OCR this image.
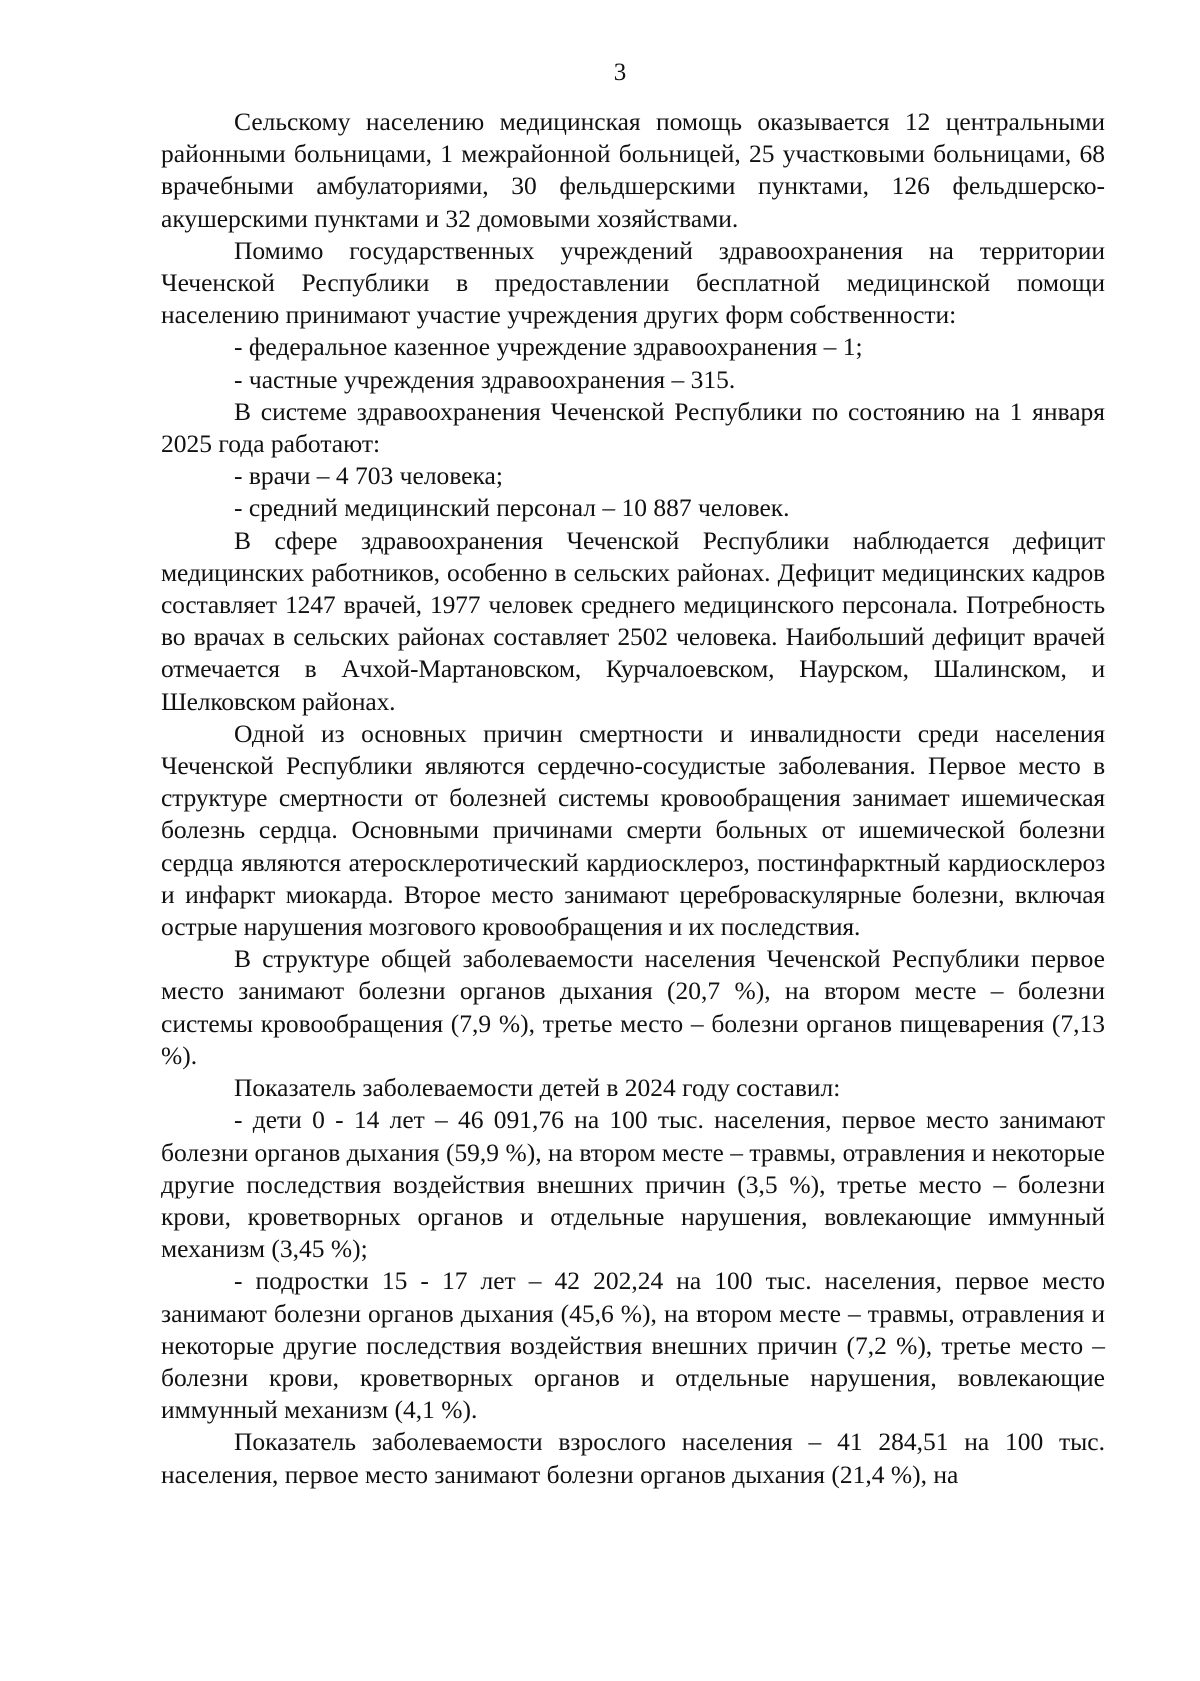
3

Сельскому населению медицинская помощь оказывается 12 центральными районными больницами, 1 межрайонной больницей, 25 участковыми больницами, 68 врачебными амбулаториями, 30 фельдшерскими пунктами, 126 фельдшерско-акушерскими пунктами и 32 домовыми хозяйствами.

Помимо государственных учреждений здравоохранения на территории Чеченской Республики в предоставлении бесплатной медицинской помощи населению принимают участие учреждения других форм собственности:

- федеральное казенное учреждение здравоохранения – 1;

- частные учреждения здравоохранения – 315.

В системе здравоохранения Чеченской Республики по состоянию на 1 января 2025 года работают:

- врачи – 4 703 человека;

- средний медицинский персонал – 10 887 человек.

В сфере здравоохранения Чеченской Республики наблюдается дефицит медицинских работников, особенно в сельских районах. Дефицит медицинских кадров составляет 1247 врачей, 1977 человек среднего медицинского персонала. Потребность во врачах в сельских районах составляет 2502 человека. Наибольший дефицит врачей отмечается в Ачхой-Мартановском, Курчалоевском, Наурском, Шалинском, и Шелковском районах.

Одной из основных причин смертности и инвалидности среди населения Чеченской Республики являются сердечно-сосудистые заболевания. Первое место в структуре смертности от болезней системы кровообращения занимает ишемическая болезнь сердца. Основными причинами смерти больных от ишемической болезни сердца являются атеросклеротический кардиосклероз, постинфарктный кардиосклероз и инфаркт миокарда. Второе место занимают цереброваскулярные болезни, включая острые нарушения мозгового кровообращения и их последствия.

В структуре общей заболеваемости населения Чеченской Республики первое место занимают болезни органов дыхания (20,7 %), на втором месте – болезни системы кровообращения (7,9 %), третье место – болезни органов пищеварения (7,13 %).

Показатель заболеваемости детей в 2024 году составил:

- дети 0 - 14 лет – 46 091,76 на 100 тыс. населения, первое место занимают болезни органов дыхания (59,9 %), на втором месте – травмы, отравления и некоторые другие последствия воздействия внешних причин (3,5 %), третье место – болезни крови, кроветворных органов и отдельные нарушения, вовлекающие иммунный механизм (3,45 %);

- подростки 15 - 17 лет – 42 202,24 на 100 тыс. населения, первое место занимают болезни органов дыхания (45,6 %), на втором месте – травмы, отравления и некоторые другие последствия воздействия внешних причин (7,2 %), третье место – болезни крови, кроветворных органов и отдельные нарушения, вовлекающие иммунный механизм (4,1 %).

Показатель заболеваемости взрослого населения – 41 284,51 на 100 тыс. населения, первое место занимают болезни органов дыхания (21,4 %), на
